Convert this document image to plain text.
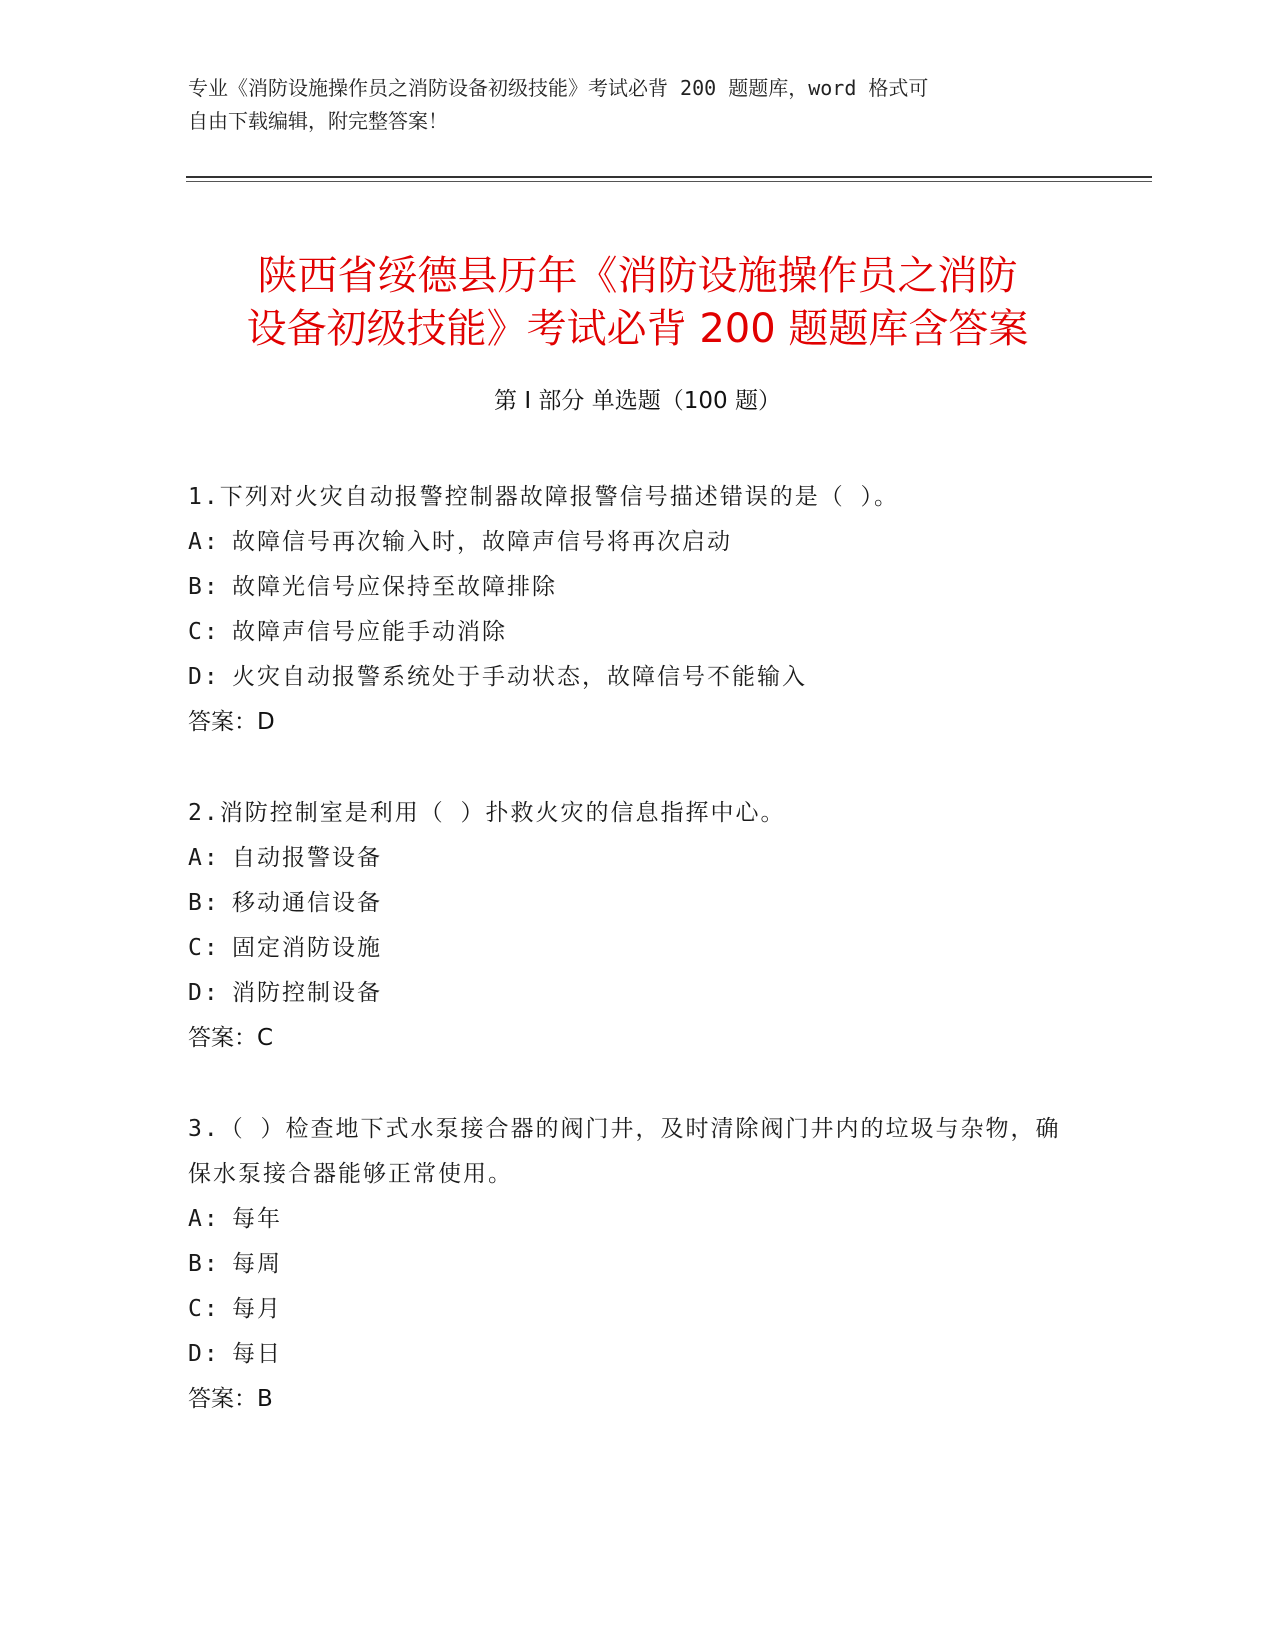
专业《消防设施操作员之消防设备初级技能》考试必背 200 题题库，word 格式可
自由下载编辑，附完整答案！
陕西省绥德县历年《消防设施操作员之消防
设备初级技能》考试必背 200 题题库含答案
第 I 部分 单选题（100 题）

1.下列对火灾自动报警控制器故障报警信号描述错误的是（ ）。

A: 故障信号再次输入时，故障声信号将再次启动

B: 故障光信号应保持至故障排除

C: 故障声信号应能手动消除

D: 火灾自动报警系统处于手动状态，故障信号不能输入

答案：D

2.消防控制室是利用（ ）扑救火灾的信息指挥中心。

A: 自动报警设备

B: 移动通信设备

C: 固定消防设施

D: 消防控制设备

答案：C

3.（ ）检查地下式水泵接合器的阀门井，及时清除阀门井内的垃圾与杂物，确保水泵接合器能够正常使用。

A: 每年

B: 每周

C: 每月

D: 每日

答案：B
